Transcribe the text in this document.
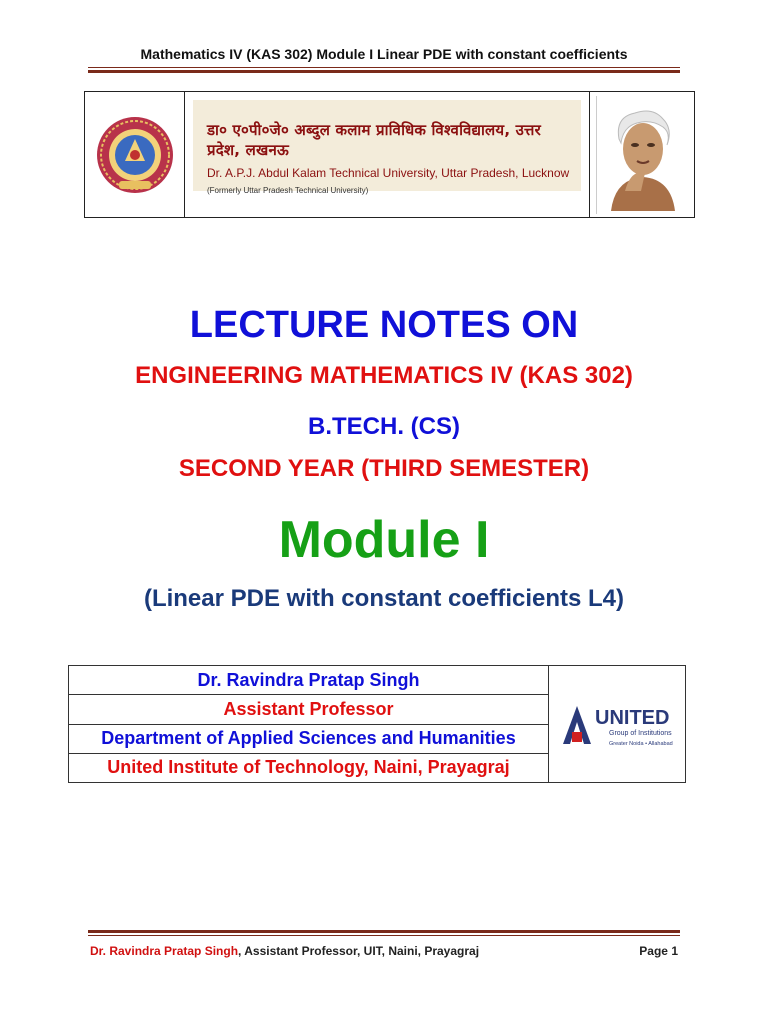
Mathematics IV (KAS 302) Module I Linear PDE with constant coefficients
डा० ए०पी०जे० अब्दुल कलाम प्राविधिक विश्वविद्यालय, उत्तर प्रदेश, लखनऊ
Dr. A.P.J. Abdul Kalam Technical University, Uttar Pradesh, Lucknow
(Formerly Uttar Pradesh Technical University)
LECTURE NOTES ON
ENGINEERING MATHEMATICS IV (KAS 302)
B.TECH. (CS)
SECOND YEAR (THIRD SEMESTER)
Module I
(Linear PDE with constant coefficients L4)
Dr. Ravindra Pratap Singh
Assistant Professor
Department of Applied Sciences and Humanities
United Institute of Technology, Naini, Prayagraj
UNITED
Group of Institutions
Greater Noida • Allahabad
Dr. Ravindra Pratap Singh, Assistant Professor, UIT, Naini, Prayagraj	Page 1
